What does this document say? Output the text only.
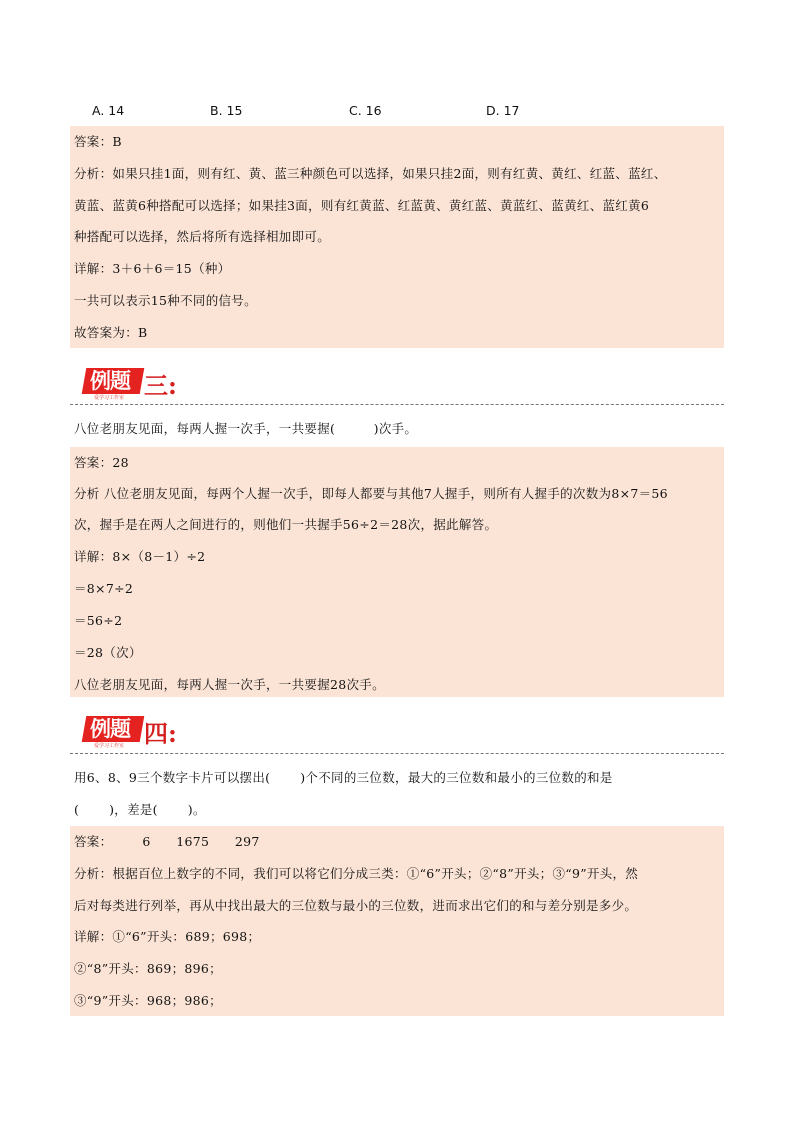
A. 14	B. 15	C. 16	D. 17
答案：B
分析：如果只挂1面，则有红、黄、蓝三种颜色可以选择，如果只挂2面，则有红黄、黄红、红蓝、蓝红、
黄蓝、蓝黄6种搭配可以选择；如果挂3面，则有红黄蓝、红蓝黄、黄红蓝、黄蓝红、蓝黄红、蓝红黄6
种搭配可以选择，然后将所有选择相加即可。
详解：3＋6＋6＝15（种）
一共可以表示15种不同的信号。
故答案为：B
例题
爱学习工作室 三:
八位老朋友见面，每两人握一次手，一共要握(         )次手。
答案：28
分析 八位老朋友见面，每两个人握一次手，即每人都要与其他7人握手，则所有人握手的次数为8×7＝56
次，握手是在两人之间进行的，则他们一共握手56÷2＝28次，据此解答。
详解：8×（8－1）÷2
＝8×7÷2
＝56÷2
＝28（次）
八位老朋友见面，每两人握一次手，一共要握28次手。
例题
爱学习工作室 四:
用6、8、9三个数字卡片可以摆出(       )个不同的三位数，最大的三位数和最小的三位数的和是
(       )，差是(       )。
答案：       6      1675      297
分析：根据百位上数字的不同，我们可以将它们分成三类：①“6”开头；②“8”开头；③“9”开头，然
后对每类进行列举，再从中找出最大的三位数与最小的三位数，进而求出它们的和与差分别是多少。
详解：①“6”开头：689；698；
②“8”开头：869；896；
③“9”开头：968；986；
